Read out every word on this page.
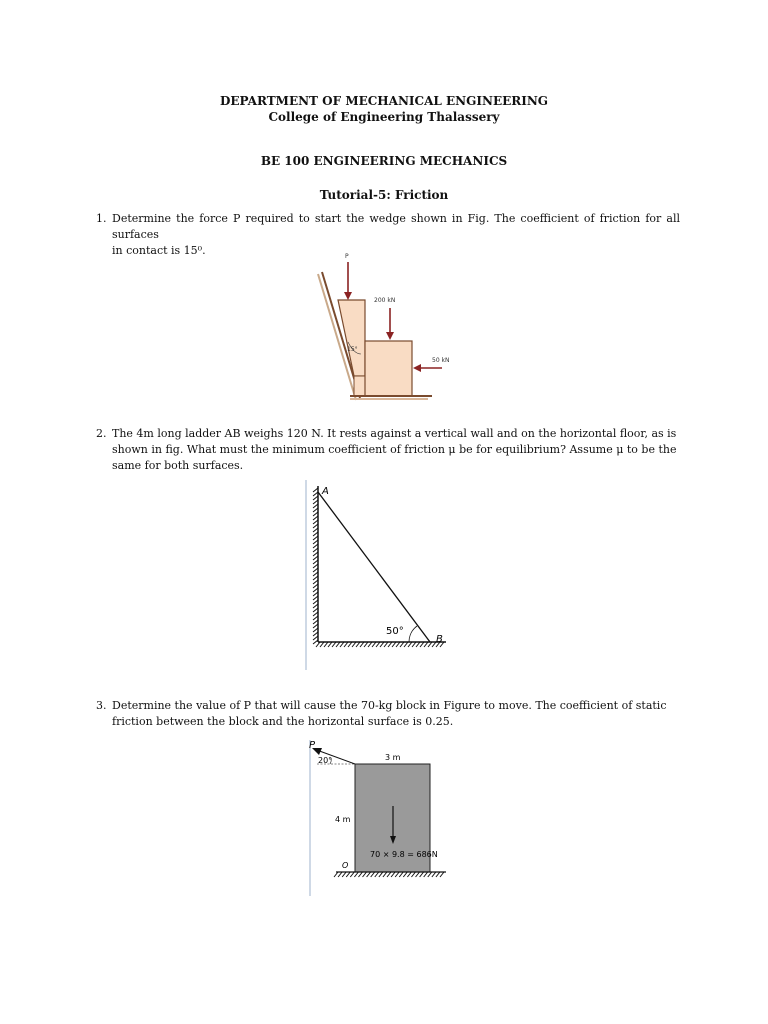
DEPARTMENT OF MECHANICAL ENGINEERING
College of Engineering Thalassery
BE 100 ENGINEERING MECHANICS
Tutorial-5: Friction
1. Determine the force P required to start the wedge shown in Fig. The coefficient of friction for all surfaces
in contact is 15⁰.	P
200 kN
50 kN
15°
2. The 4m long ladder AB weighs 120 N. It rests against a vertical wall and on the horizontal floor, as is
shown in fig. What must the minimum coefficient of friction μ be for equilibrium? Assume μ to be the
same for both surfaces.
50°
A
B
3. Determine the value of P that will cause the 70-kg block in Figure to move. The coefficient of static
friction between the block and the horizontal surface is 0.25.
P
20°	3 m
4 m
70 × 9.8 = 686N
O
